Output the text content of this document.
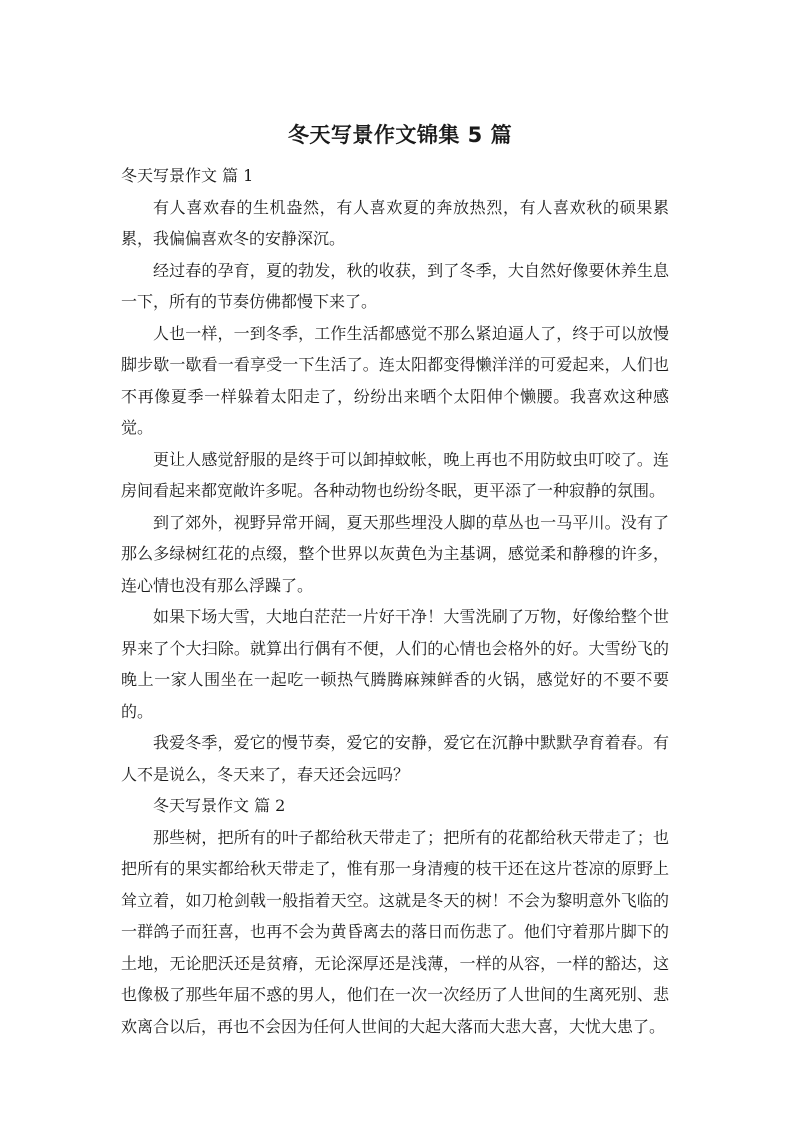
冬天写景作文锦集 5 篇

冬天写景作文 篇 1

有人喜欢春的生机盎然，有人喜欢夏的奔放热烈，有人喜欢秋的硕果累累，我偏偏喜欢冬的安静深沉。

经过春的孕育，夏的勃发，秋的收获，到了冬季，大自然好像要休养生息一下，所有的节奏仿佛都慢下来了。

人也一样，一到冬季，工作生活都感觉不那么紧迫逼人了，终于可以放慢脚步歇一歇看一看享受一下生活了。连太阳都变得懒洋洋的可爱起来，人们也不再像夏季一样躲着太阳走了，纷纷出来晒个太阳伸个懒腰。我喜欢这种感觉。

更让人感觉舒服的是终于可以卸掉蚊帐，晚上再也不用防蚊虫叮咬了。连房间看起来都宽敞许多呢。各种动物也纷纷冬眠，更平添了一种寂静的氛围。

到了郊外，视野异常开阔，夏天那些埋没人脚的草丛也一马平川。没有了那么多绿树红花的点缀，整个世界以灰黄色为主基调，感觉柔和静穆的许多，连心情也没有那么浮躁了。

如果下场大雪，大地白茫茫一片好干净！大雪洗刷了万物，好像给整个世界来了个大扫除。就算出行偶有不便，人们的心情也会格外的好。大雪纷飞的晚上一家人围坐在一起吃一顿热气腾腾麻辣鲜香的火锅，感觉好的不要不要的。

我爱冬季，爱它的慢节奏，爱它的安静，爱它在沉静中默默孕育着春。有人不是说么，冬天来了，春天还会远吗？

冬天写景作文 篇 2

那些树，把所有的叶子都给秋天带走了；把所有的花都给秋天带走了；也把所有的果实都给秋天带走了，惟有那一身清瘦的枝干还在这片苍凉的原野上耸立着，如刀枪剑戟一般指着天空。这就是冬天的树！不会为黎明意外飞临的一群鸽子而狂喜，也再不会为黄昏离去的落日而伤悲了。他们守着那片脚下的土地，无论肥沃还是贫瘠，无论深厚还是浅薄，一样的从容，一样的豁达，这也像极了那些年届不惑的男人，他们在一次一次经历了人世间的生离死别、悲欢离合以后，再也不会因为任何人世间的大起大落而大悲大喜，大忧大患了。
